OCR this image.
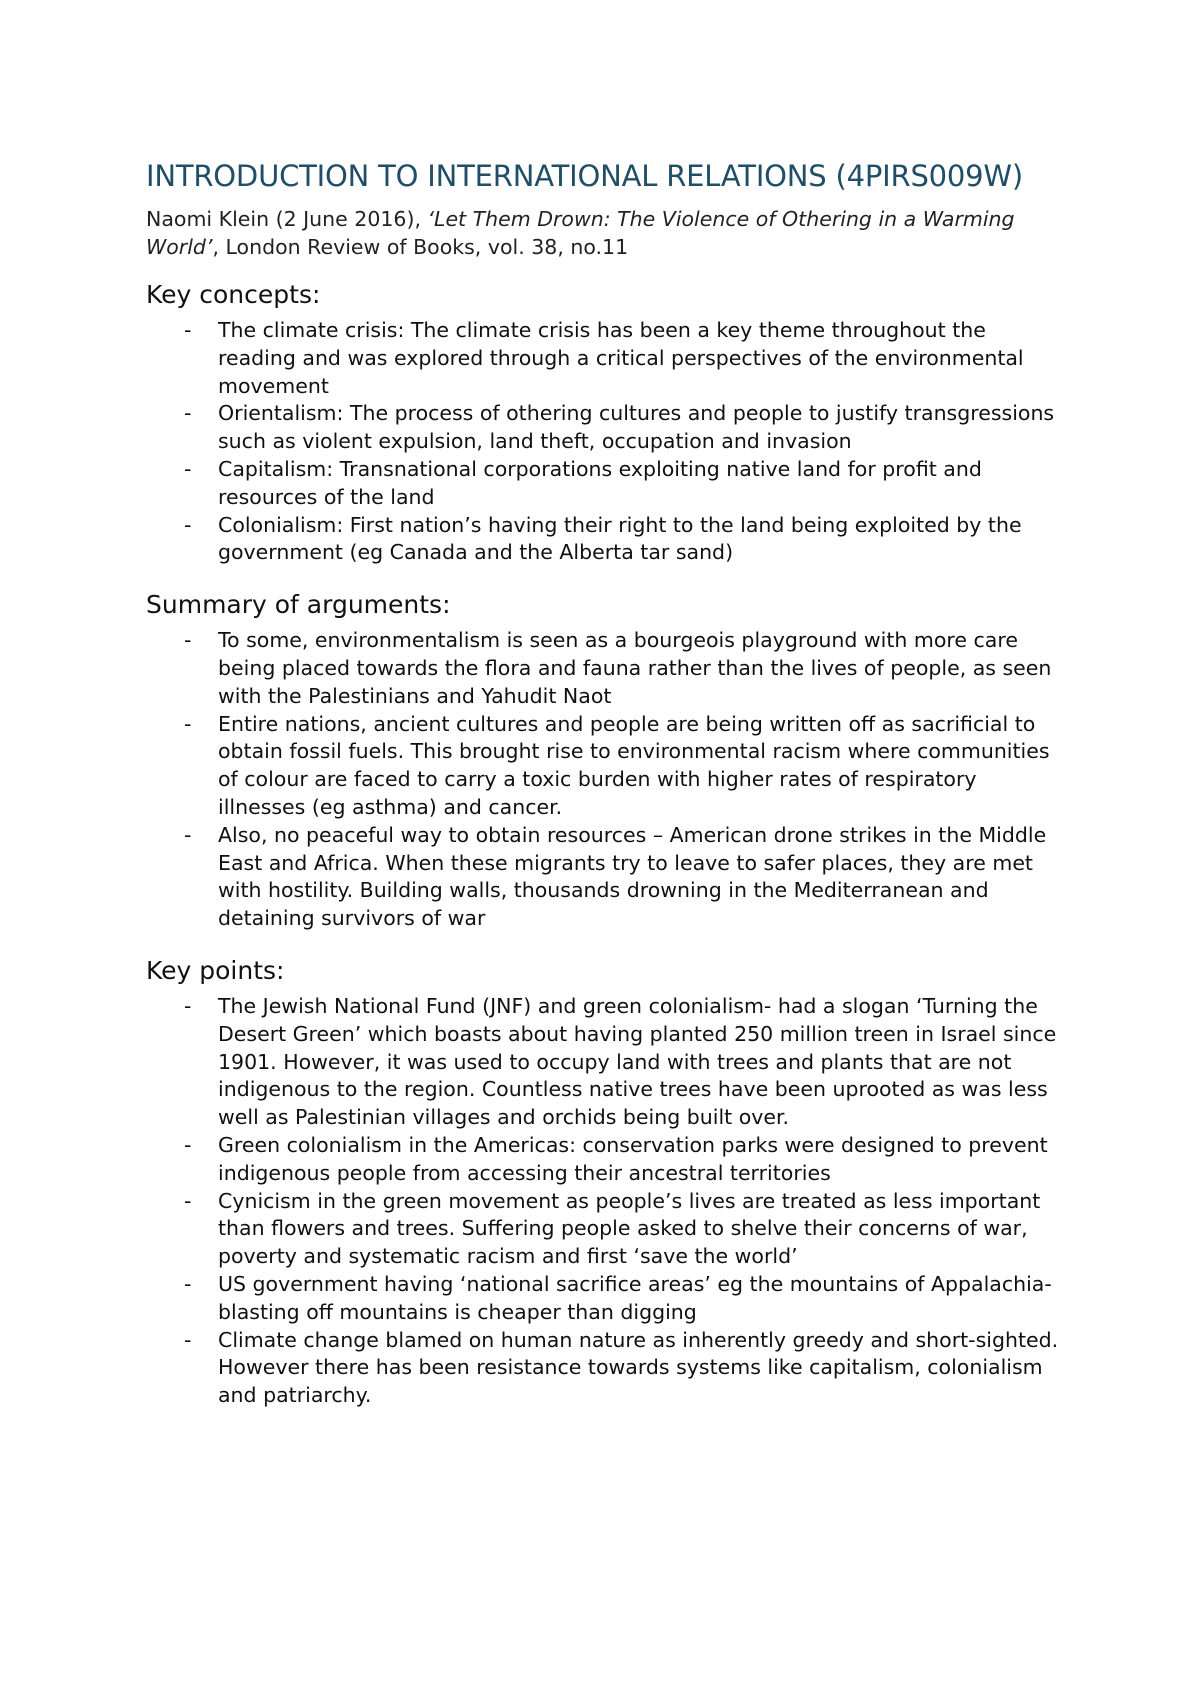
INTRODUCTION TO INTERNATIONAL RELATIONS (4PIRS009W)

Naomi Klein (2 June 2016), ‘Let Them Drown: The Violence of Othering in a Warming World’, London Review of Books, vol. 38, no.11

Key concepts:
- The climate crisis: The climate crisis has been a key theme throughout the reading and was explored through a critical perspectives of the environmental movement
- Orientalism: The process of othering cultures and people to justify transgressions such as violent expulsion, land theft, occupation and invasion
- Capitalism: Transnational corporations exploiting native land for profit and resources of the land
- Colonialism: First nation’s having their right to the land being exploited by the government (eg Canada and the Alberta tar sand)
Summary of arguments:
- To some, environmentalism is seen as a bourgeois playground with more care being placed towards the flora and fauna rather than the lives of people, as seen with the Palestinians and Yahudit Naot
- Entire nations, ancient cultures and people are being written off as sacrificial to obtain fossil fuels. This brought rise to environmental racism where communities of colour are faced to carry a toxic burden with higher rates of respiratory illnesses (eg asthma) and cancer.
- Also, no peaceful way to obtain resources – American drone strikes in the Middle East and Africa. When these migrants try to leave to safer places, they are met with hostility. Building walls, thousands drowning in the Mediterranean and detaining survivors of war
Key points:
- The Jewish National Fund (JNF) and green colonialism- had a slogan ‘Turning the Desert Green’ which boasts about having planted 250 million treen in Israel since 1901. However, it was used to occupy land with trees and plants that are not indigenous to the region. Countless native trees have been uprooted as was less well as Palestinian villages and orchids being built over.
- Green colonialism in the Americas: conservation parks were designed to prevent indigenous people from accessing their ancestral territories
- Cynicism in the green movement as people’s lives are treated as less important than flowers and trees. Suffering people asked to shelve their concerns of war, poverty and systematic racism and first ‘save the world’
- US government having ‘national sacrifice areas’ eg the mountains of Appalachia- blasting off mountains is cheaper than digging
- Climate change blamed on human nature as inherently greedy and short-sighted. However there has been resistance towards systems like capitalism, colonialism and patriarchy.
